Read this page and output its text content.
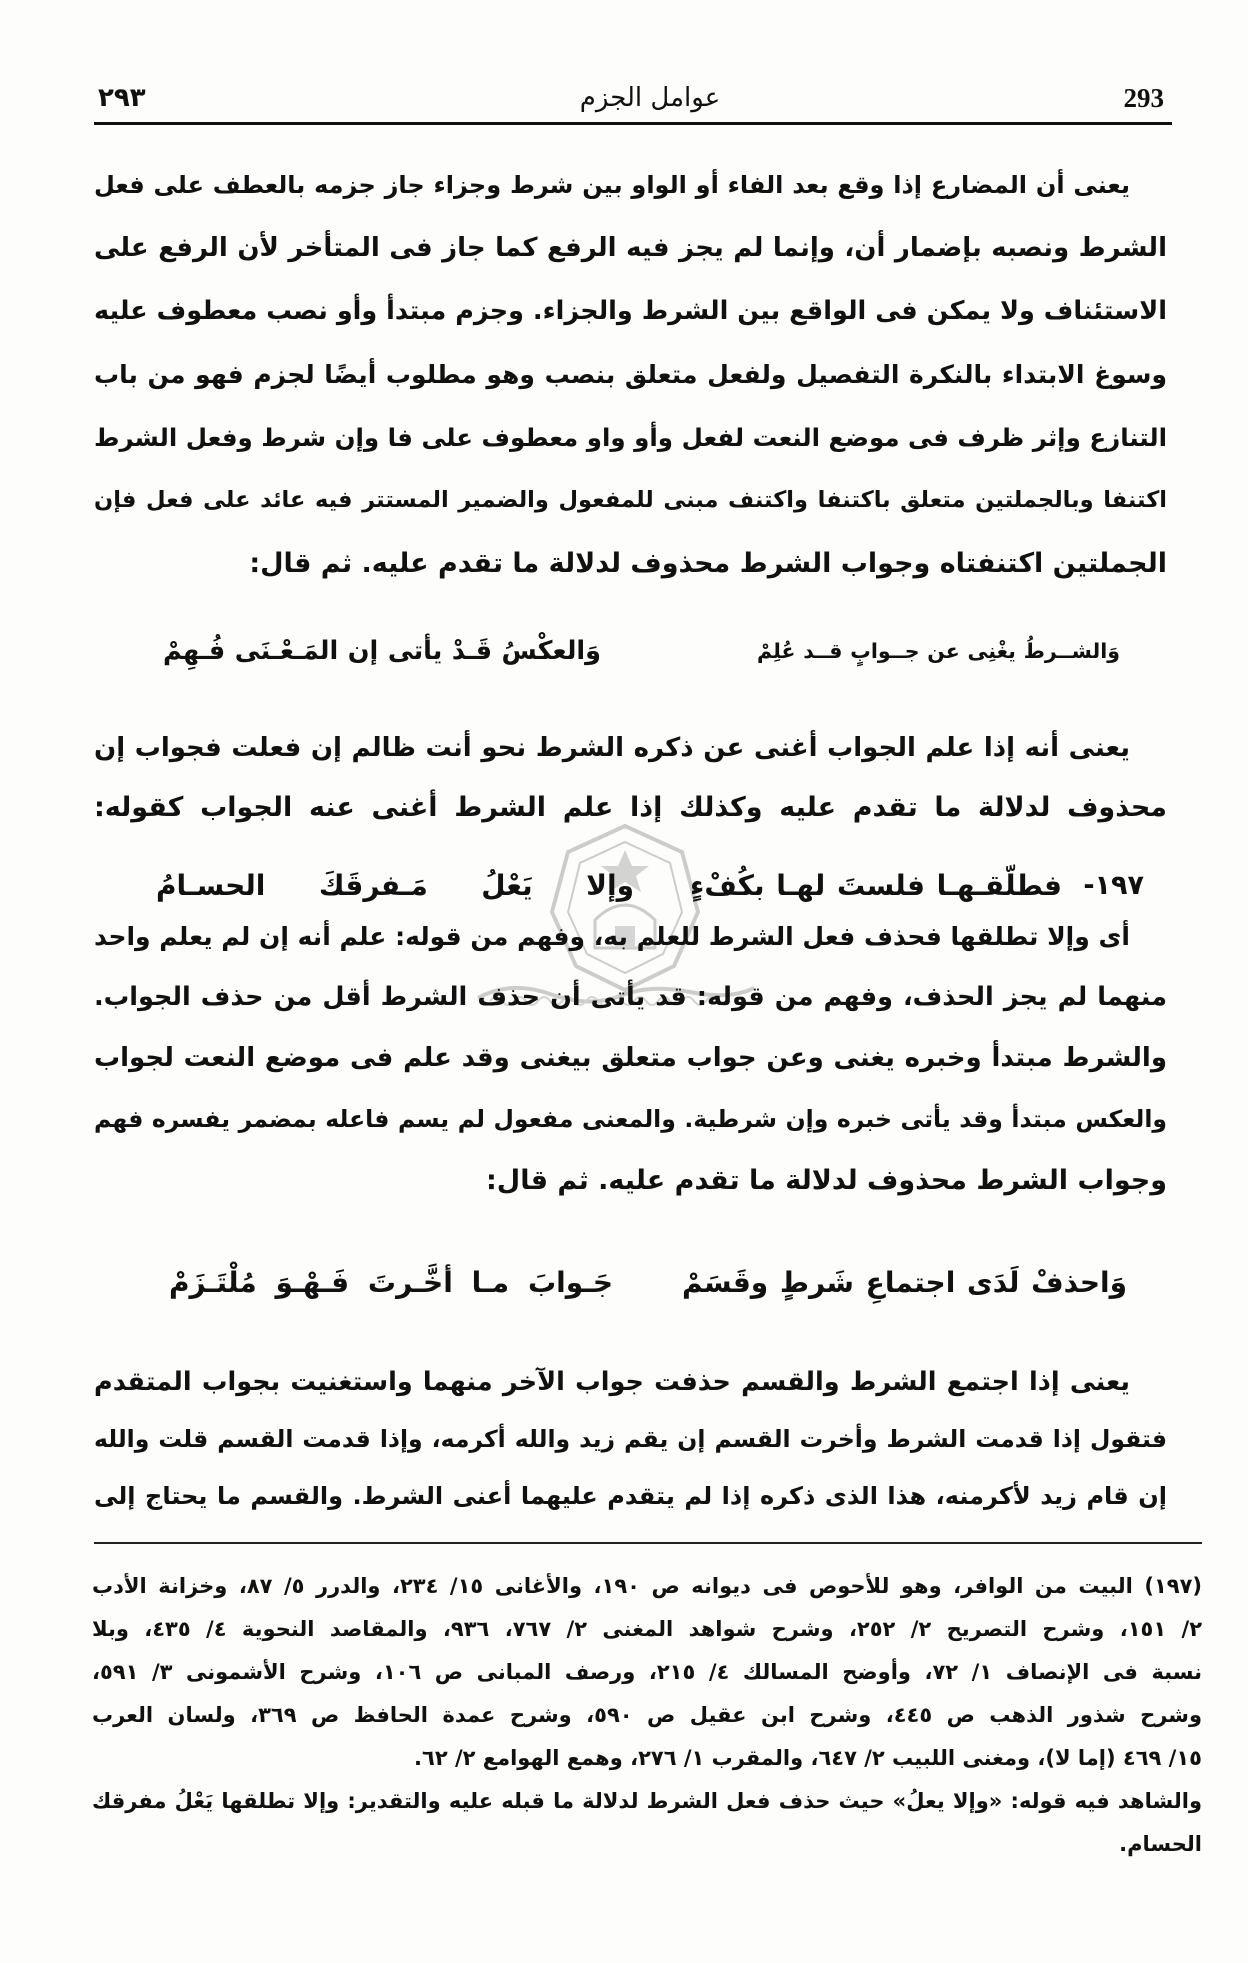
٢٩٣	عوامل الجزم	293
يعنى أن المضارع إذا وقع بعد الفاء أو الواو بين شرط وجزاء جاز جزمه بالعطف على فعل
الشرط ونصبه بإضمار أن، وإنما لم يجز فيه الرفع كما جاز فى المتأخر لأن الرفع على
الاستئناف ولا يمكن فى الواقع بين الشرط والجزاء. وجزم مبتدأ وأو نصب معطوف عليه
وسوغ الابتداء بالنكرة التفصيل ولفعل متعلق بنصب وهو مطلوب أيضًا لجزم فهو من باب
التنازع وإثر ظرف فى موضع النعت لفعل وأو واو معطوف على فا وإن شرط وفعل الشرط
اكتنفا وبالجملتين متعلق باكتنفا واكتنف مبنى للمفعول والضمير المستتر فيه عائد على فعل فإن
الجملتين اكتنفتاه وجواب الشرط محذوف لدلالة ما تقدم عليه. ثم قال:
وَالشــرطُ يغْنِى عن جــوابٍ قــد عُلِمْ
وَالعكْسُ قَـدْ يأتى إن المَـعْـنَى فُـهِمْ
يعنى أنه إذا علم الجواب أغنى عن ذكره الشرط نحو أنت ظالم إن فعلت فجواب إن
محذوف لدلالة ما تقدم عليه وكذلك إذا علم الشرط أغنى عنه الجواب كقوله:
١٩٧-
فطلّقـهـا فلستَ لهـا بكُفْءٍ
وإلا يَعْلُ مَـفرقَكَ الحسـامُ
أى وإلا تطلقها فحذف فعل الشرط للعلم به، وفهم من قوله: علم أنه إن لم يعلم واحد
منهما لم يجز الحذف، وفهم من قوله: قد يأتى أن حذف الشرط أقل من حذف الجواب.
والشرط مبتدأ وخبره يغنى وعن جواب متعلق بيغنى وقد علم فى موضع النعت لجواب
والعكس مبتدأ وقد يأتى خبره وإن شرطية. والمعنى مفعول لم يسم فاعله بمضمر يفسره فهم
وجواب الشرط محذوف لدلالة ما تقدم عليه. ثم قال:
وَاحذفْ لَدَى اجتماعِ شَرطٍ وقَسَمْ
جَـوابَ مـا أخَّـرتَ فَـهْـوَ مُلْتَـزَمْ
يعنى إذا اجتمع الشرط والقسم حذفت جواب الآخر منهما واستغنيت بجواب المتقدم
فتقول إذا قدمت الشرط وأخرت القسم إن يقم زيد والله أكرمه، وإذا قدمت القسم قلت والله
إن قام زيد لأكرمنه، هذا الذى ذكره إذا لم يتقدم عليهما أعنى الشرط. والقسم ما يحتاج إلى
(١٩٧) البيت من الوافر، وهو للأحوص فى ديوانه ص ١٩٠، والأغانى ١٥/ ٢٣٤، والدرر ٥/ ٨٧، وخزانة الأدب
٢/ ١٥١، وشرح التصريح ٢/ ٢٥٢، وشرح شواهد المغنى ٢/ ٧٦٧، ٩٣٦، والمقاصد النحوية ٤/ ٤٣٥، وبلا
نسبة فى الإنصاف ١/ ٧٢، وأوضح المسالك ٤/ ٢١٥، ورصف المبانى ص ١٠٦، وشرح الأشمونى ٣/ ٥٩١،
وشرح شذور الذهب ص ٤٤٥، وشرح ابن عقيل ص ٥٩٠، وشرح عمدة الحافظ ص ٣٦٩، ولسان العرب
١٥/ ٤٦٩ (إما لا)، ومغنى اللبيب ٢/ ٦٤٧، والمقرب ١/ ٢٧٦، وهمع الهوامع ٢/ ٦٢.
والشاهد فيه قوله: «وإلا يعلُ» حيث حذف فعل الشرط لدلالة ما قبله عليه والتقدير: وإلا تطلقها يَعْلُ مفرقك
الحسام.
